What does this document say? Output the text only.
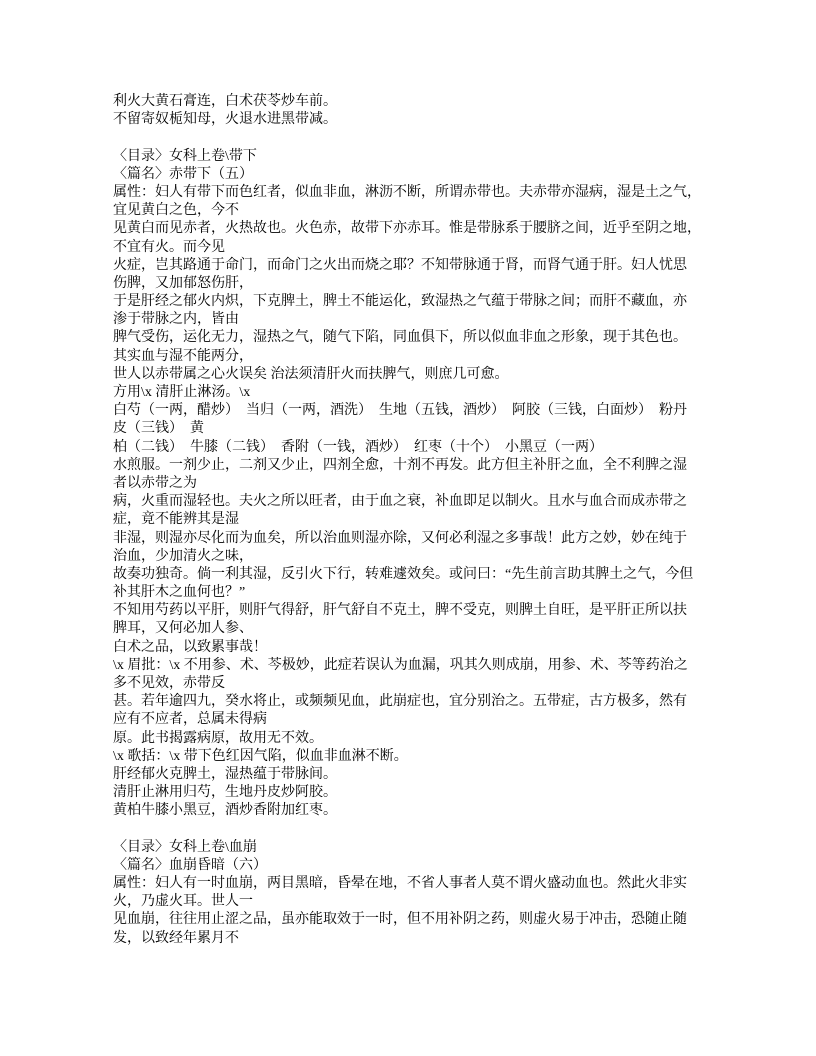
利火大黄石膏连，白术茯苓炒车前。
不留寄奴栀知母，火退水进黑带减。
〈目录〉女科上卷\带下
〈篇名〉赤带下（五）
属性：妇人有带下而色红者，似血非血，淋沥不断，所谓赤带也。夫赤带亦湿病，湿是土之气，
宜见黄白之色，今不
见黄白而见赤者，火热故也。火色赤，故带下亦赤耳。惟是带脉系于腰脐之间，近乎至阴之地，
不宜有火。而今见
火症，岂其路通于命门，而命门之火出而烧之耶？不知带脉通于肾，而肾气通于肝。妇人忧思
伤脾，又加郁怒伤肝，
于是肝经之郁火内炽，下克脾土，脾土不能运化，致湿热之气蕴于带脉之间；而肝不藏血，亦
渗于带脉之内，皆由
脾气受伤，运化无力，湿热之气，随气下陷，同血俱下，所以似血非血之形象，现于其色也。
其实血与湿不能两分，
世人以赤带属之心火误矣 治法须清肝火而扶脾气，则庶几可愈。
方用\x 清肝止淋汤。\x
白芍（一两，醋炒）  当归（一两，酒洗）  生地（五钱，酒炒）  阿胶（三钱，白面炒）  粉丹
皮（三钱）  黄
柏（二钱）  牛膝（二钱）  香附（一钱，酒炒）  红枣（十个）  小黑豆（一两）
水煎服。一剂少止，二剂又少止，四剂全愈，十剂不再发。此方但主补肝之血，全不利脾之湿
者以赤带之为
病，火重而湿轻也。夫火之所以旺者，由于血之衰，补血即足以制火。且水与血合而成赤带之
症，竟不能辨其是湿
非湿，则湿亦尽化而为血矣，所以治血则湿亦除，又何必利湿之多事哉！此方之妙，妙在纯于
治血，少加清火之味，
故奏功独奇。倘一利其湿，反引火下行，转难遽效矣。或问曰：“先生前言助其脾土之气，今但
补其肝木之血何也？”
不知用芍药以平肝，则肝气得舒，肝气舒自不克土，脾不受克，则脾土自旺，是平肝正所以扶
脾耳，又何必加人参、
白术之品，以致累事哉！
\x 眉批：\x 不用参、术、芩极妙，此症若误认为血漏，巩其久则成崩，用参、术、芩等药治之
多不见效，赤带反
甚。若年逾四九，癸水将止，或频频见血，此崩症也，宜分别治之。五带症，古方极多，然有
应有不应者，总属未得病
原。此书揭露病原，故用无不效。
\x 歌括：\x 带下色红因气陷，似血非血淋不断。
肝经郁火克脾土，湿热蕴于带脉间。
清肝止淋用归芍，生地丹皮炒阿胶。
黄柏牛膝小黑豆，酒炒香附加红枣。
〈目录〉女科上卷\血崩
〈篇名〉血崩昏暗（六）
属性：妇人有一时血崩，两目黑暗，昏晕在地，不省人事者人莫不谓火盛动血也。然此火非实
火，乃虚火耳。世人一
见血崩，往往用止涩之品，虽亦能取效于一时，但不用补阴之药，则虚火易于冲击，恐随止随
发，以致经年累月不
